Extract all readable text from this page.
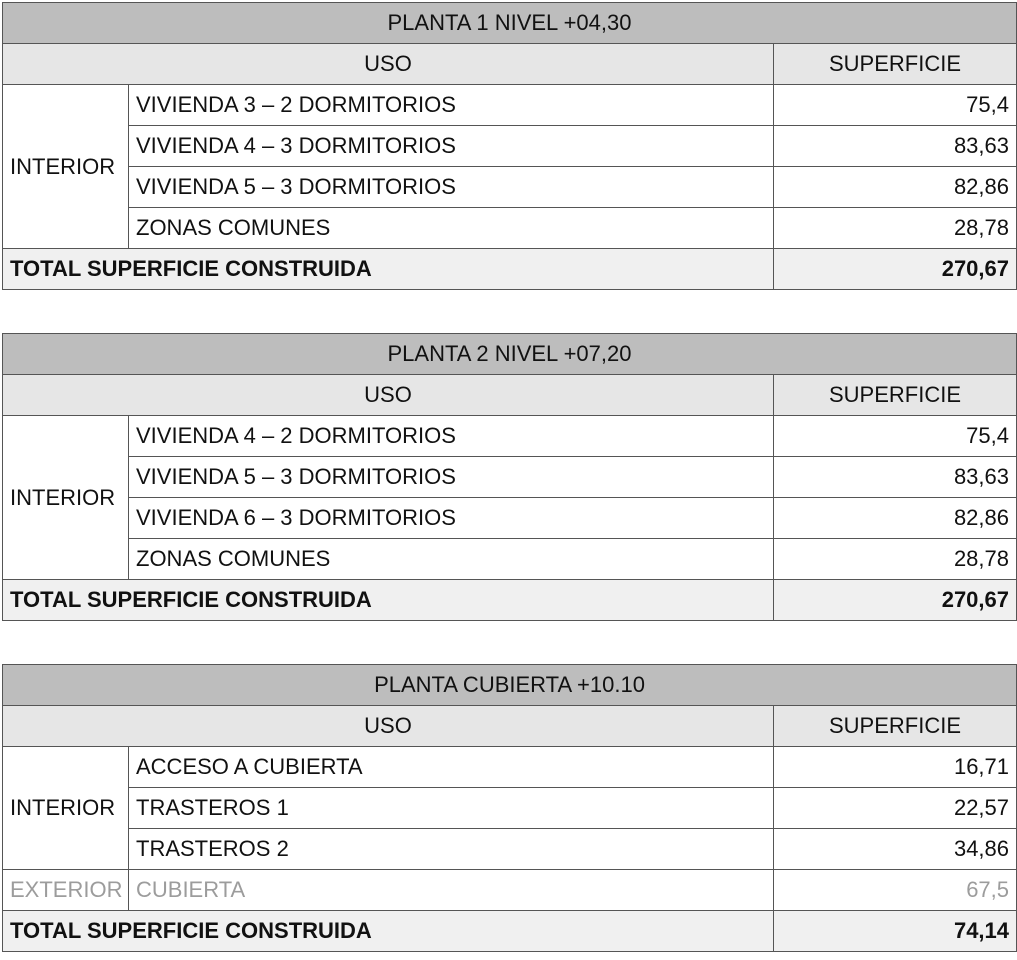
PLANTA 1 NIVEL +04,30		
USO		SUPERFICIE
INTERIOR	VIVIENDA 3 – 2 DORMITORIOS	75,4
	VIVIENDA 4 – 3 DORMITORIOS	83,63
	VIVIENDA 5 – 3 DORMITORIOS	82,86
	ZONAS COMUNES	28,78
TOTAL SUPERFICIE CONSTRUIDA		270,67
PLANTA 2 NIVEL +07,20		
USO		SUPERFICIE
INTERIOR	VIVIENDA 4 – 2 DORMITORIOS	75,4
	VIVIENDA 5 – 3 DORMITORIOS	83,63
	VIVIENDA 6 – 3 DORMITORIOS	82,86
	ZONAS COMUNES	28,78
TOTAL SUPERFICIE CONSTRUIDA		270,67
PLANTA CUBIERTA +10.10		
USO		SUPERFICIE
INTERIOR	ACCESO A CUBIERTA	16,71
	TRASTEROS 1	22,57
	TRASTEROS 2	34,86
EXTERIOR	CUBIERTA	67,5
TOTAL SUPERFICIE CONSTRUIDA		74,14
